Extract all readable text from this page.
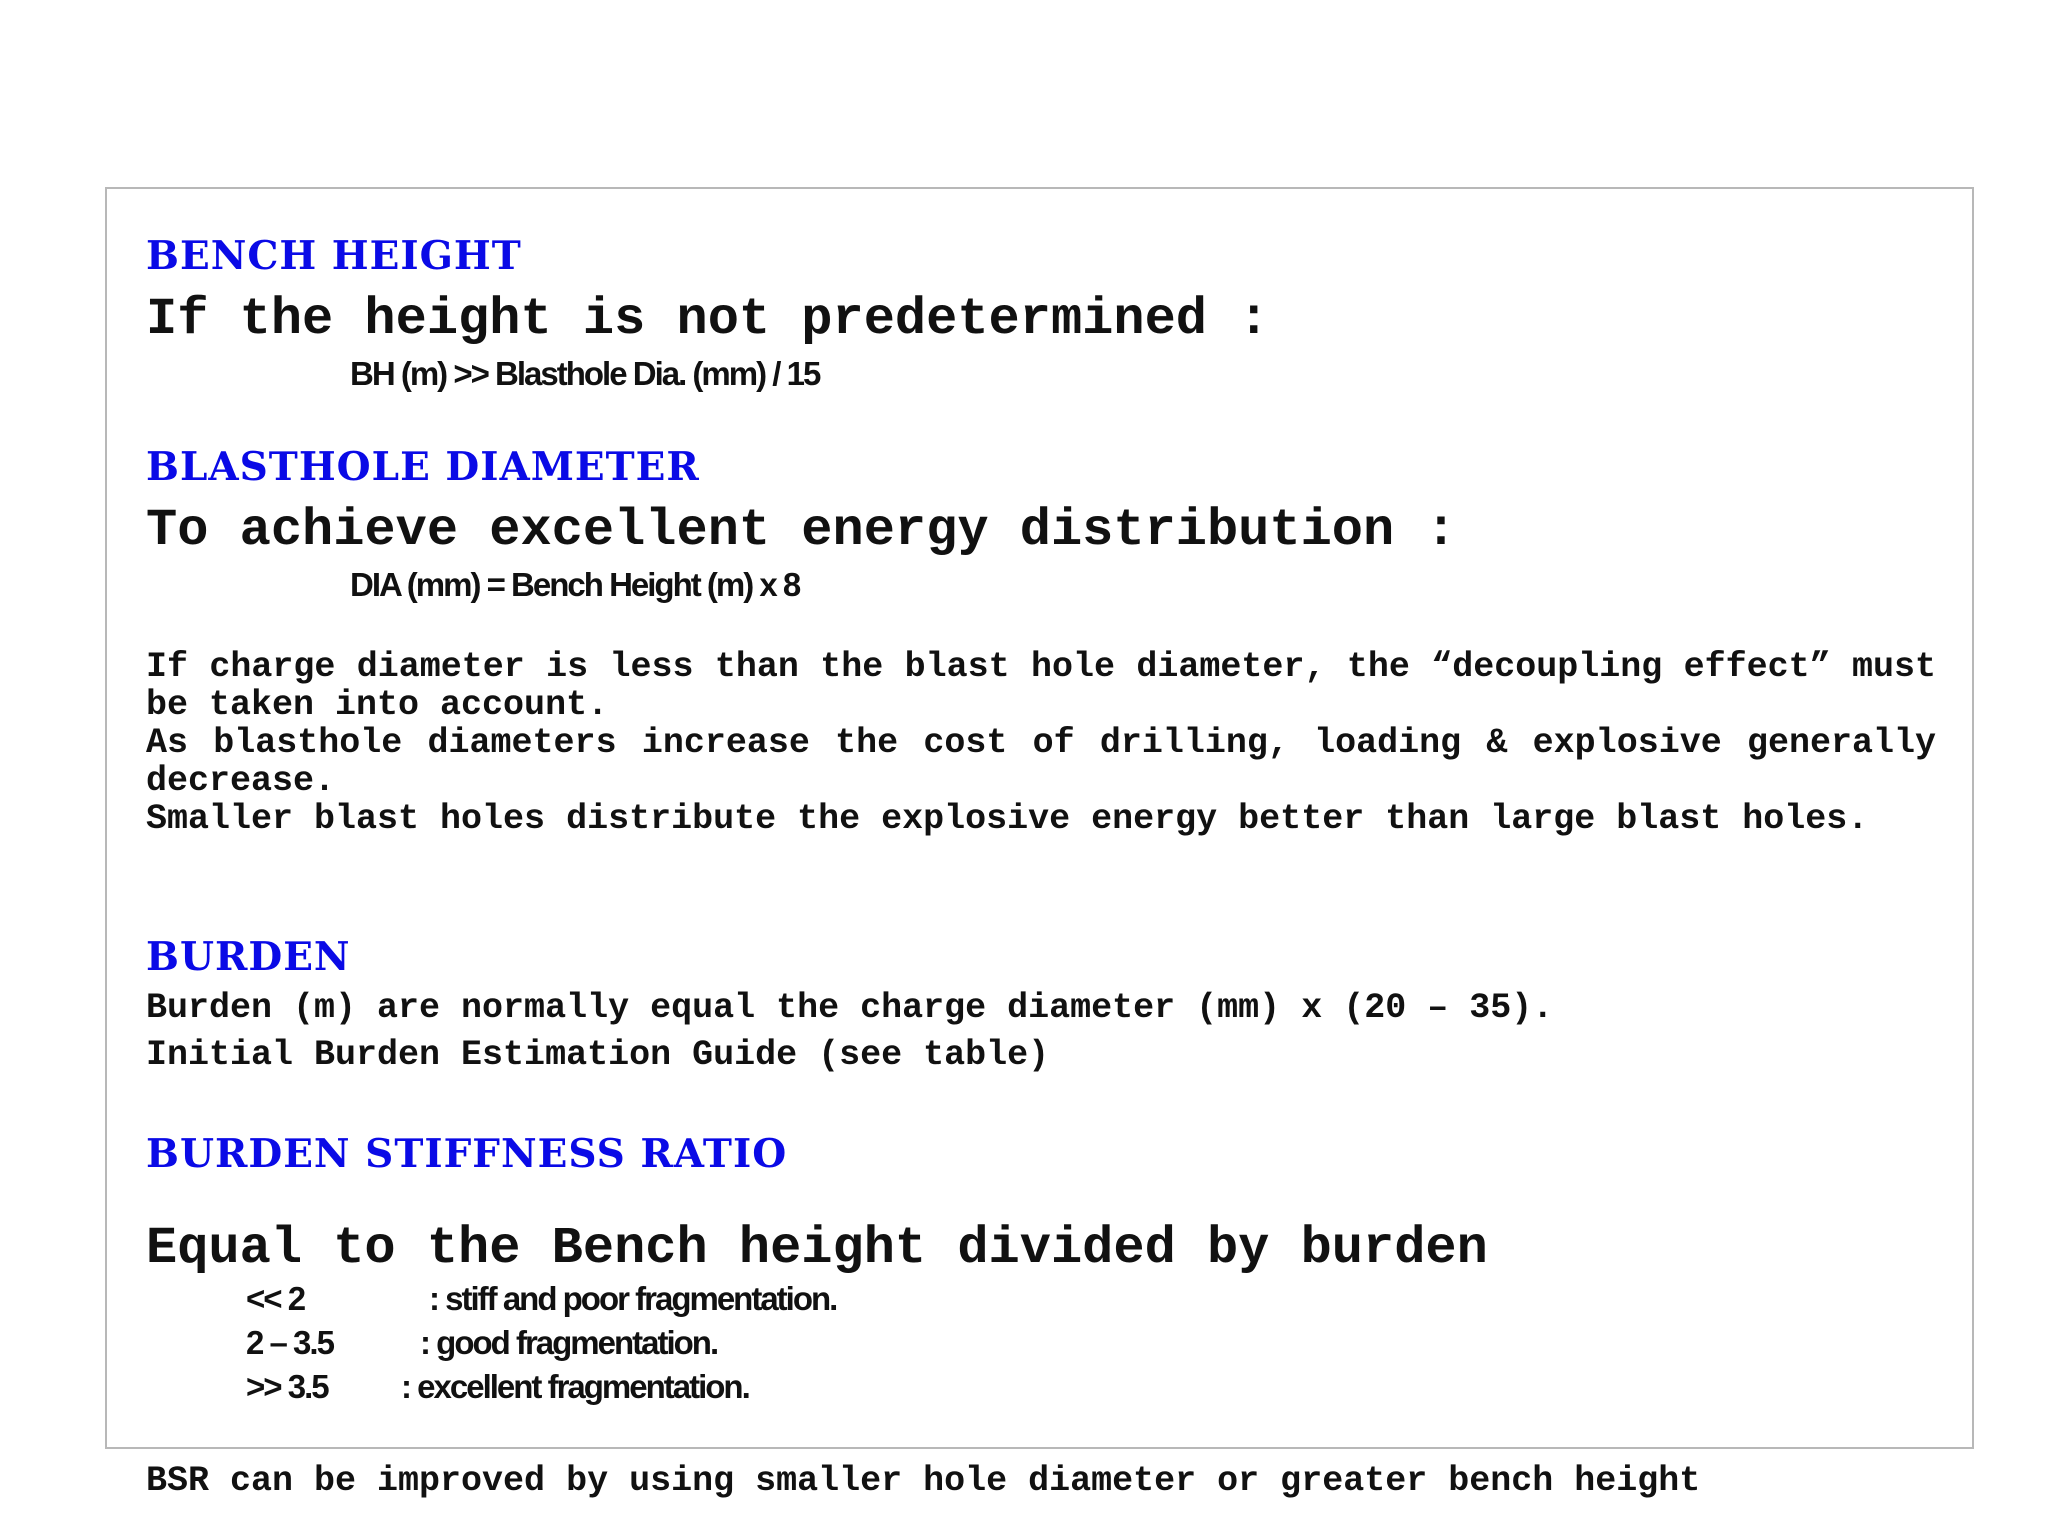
BENCH HEIGHT
If the height is not predetermined :
BH (m) >> Blasthole Dia. (mm) / 15
BLASTHOLE DIAMETER
To achieve excellent energy distribution :
DIA (mm) = Bench Height (m) x 8
If charge diameter is less than the blast hole diameter, the “decoupling effect” must be taken into account.
As blasthole diameters increase the cost of drilling, loading & explosive generally decrease.
Smaller blast holes distribute the explosive energy better than large blast holes.
BURDEN
Burden (m) are normally equal the charge diameter (mm) x (20 – 35).
Initial Burden Estimation Guide (see table)
BURDEN STIFFNESS RATIO
Equal to the Bench height divided by burden
<< 2	: stiff and poor fragmentation.
2 – 3.5	: good fragmentation.
>> 3.5 : excellent fragmentation.
BSR can be improved by using smaller hole diameter or greater bench height
